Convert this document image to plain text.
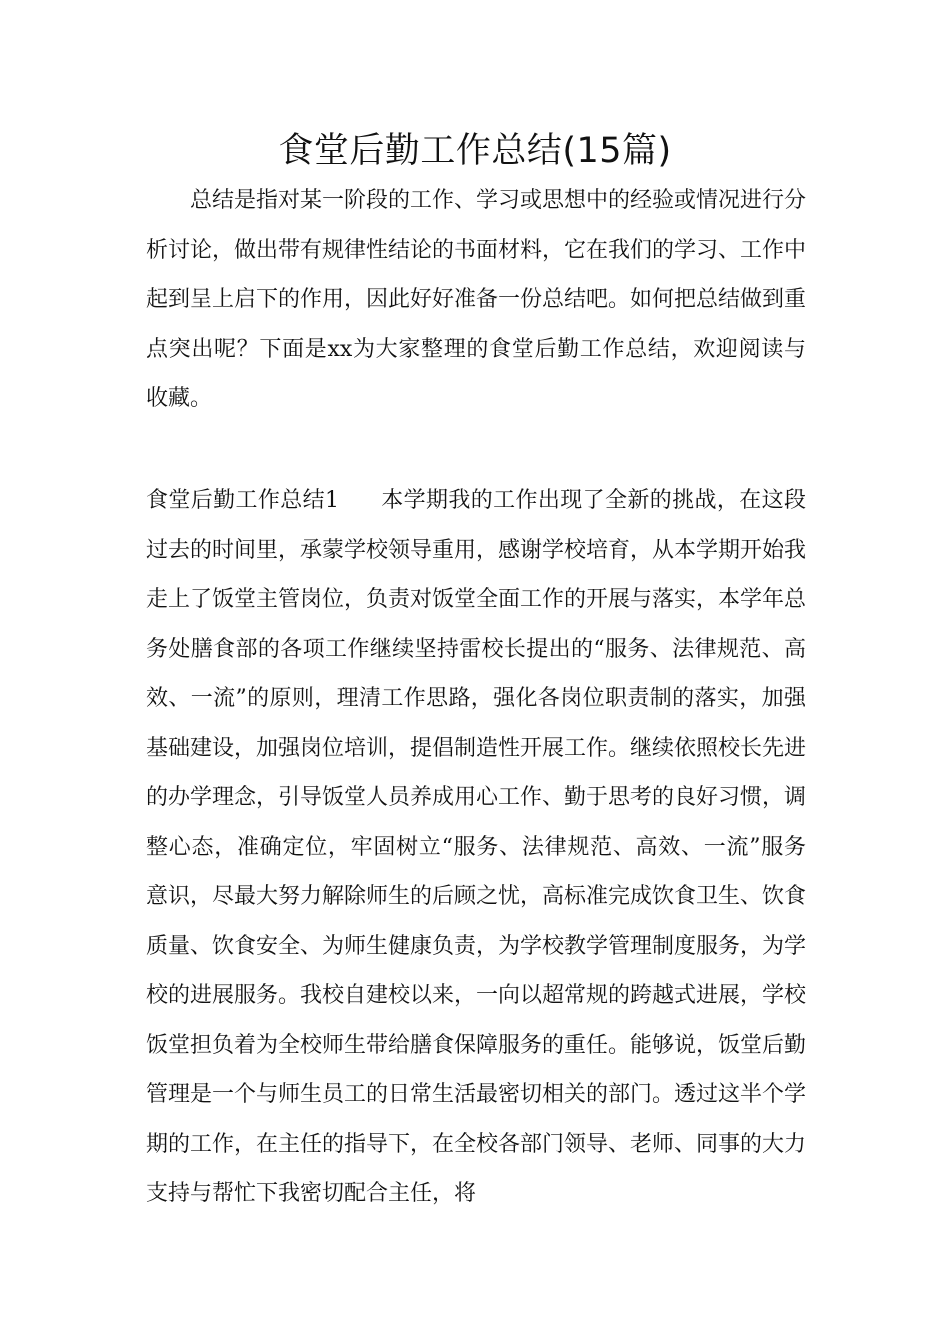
食堂后勤工作总结(15篇)

总结是指对某一阶段的工作、学习或思想中的经验或情况进行分析讨论，做出带有规律性结论的书面材料，它在我们的学习、工作中起到呈上启下的作用，因此好好准备一份总结吧。如何把总结做到重点突出呢？下面是xx为大家整理的食堂后勤工作总结，欢迎阅读与收藏。

食堂后勤工作总结1 本学期我的工作出现了全新的挑战，在这段过去的时间里，承蒙学校领导重用，感谢学校培育，从本学期开始我走上了饭堂主管岗位，负责对饭堂全面工作的开展与落实，本学年总务处膳食部的各项工作继续坚持雷校长提出的“服务、法律规范、高效、一流”的原则，理清工作思路，强化各岗位职责制的落实，加强基础建设，加强岗位培训，提倡制造性开展工作。继续依照校长先进的办学理念，引导饭堂人员养成用心工作、勤于思考的良好习惯，调整心态，准确定位，牢固树立“服务、法律规范、高效、一流”服务意识，尽最大努力解除师生的后顾之忧，高标准完成饮食卫生、饮食质量、饮食安全、为师生健康负责，为学校教学管理制度服务，为学校的进展服务。我校自建校以来，一向以超常规的跨越式进展，学校饭堂担负着为全校师生带给膳食保障服务的重任。能够说，饭堂后勤管理是一个与师生员工的日常生活最密切相关的部门。透过这半个学期的工作，在主任的指导下，在全校各部门领导、老师、同事的大力支持与帮忙下我密切配合主任，将
